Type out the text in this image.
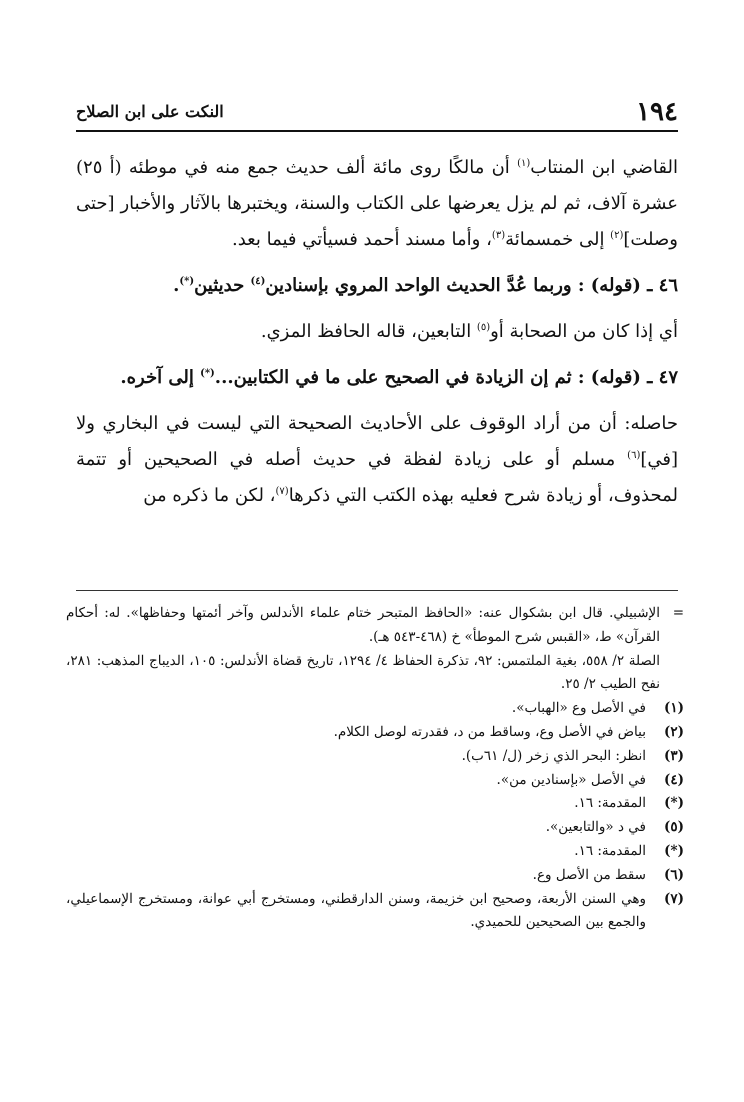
١٩٤
النكت على ابن الصلاح

القاضي ابن المنتاب$^{(١)}$ أن مالكًا روى مائة ألف حديث جمع منه في موطئه (أ ٢٥) عشرة آلاف، ثم لم يزل يعرضها على الكتاب والسنة، ويختبرها بالآثار والأخبار [حتى وصلت]$^{(٢)}$ إلى خمسمائة$^{(٣)}$، وأما مسند أحمد فسيأتي فيما بعد.

٤٦ ـ (قوله) : وربما عُدَّ الحديث الواحد المروي بإسنادين$^{(٤)}$ حديثين(*).

أي إذا كان من الصحابة أو$^{(٥)}$ التابعين، قاله الحافظ المزي.

٤٧ ـ (قوله) : ثم إن الزيادة في الصحيح على ما في الكتابين...(*) إلى آخره.

حاصله: أن من أراد الوقوف على الأحاديث الصحيحة التي ليست في البخاري ولا [في]$^{(٦)}$ مسلم أو على زيادة لفظة في حديث أصله في الصحيحين أو تتمة لمحذوف، أو زيادة شرح فعليه بهذه الكتب التي ذكرها$^{(٧)}$، لكن ما ذكره من

=
الإشبيلي. قال ابن بشكوال عنه: «الحافظ المتبحر ختام علماء الأندلس وآخر أئمتها وحفاظها». له: أحكام القرآن» ط، «القبس شرح الموطأ» خ (٤٦٨-٥٤٣ هـ).
الصلة ٢/ ٥٥٨، بغية الملتمس: ٩٢، تذكرة الحفاظ ٤/ ١٢٩٤، تاريخ قضاة الأندلس: ١٠٥، الديباج المذهب: ٢٨١، نفح الطيب ٢/ ٢٥.
(١)
في الأصل وع «الهباب».
(٢)
بياض في الأصل وع، وساقط من د، فقدرته لوصل الكلام.
(٣)
انظر: البحر الذي زخر (ل/ ٦١ب).
(٤)
في الأصل «بإسنادين من».
(*)
المقدمة: ١٦.
(٥)
في د «والتابعين».
(*)
المقدمة: ١٦.
(٦)
سقط من الأصل وع.
(٧)
وهي السنن الأربعة، وصحيح ابن خزيمة، وسنن الدارقطني، ومستخرج أبي عوانة، ومستخرج الإسماعيلي، والجمع بين الصحيحين للحميدي.
